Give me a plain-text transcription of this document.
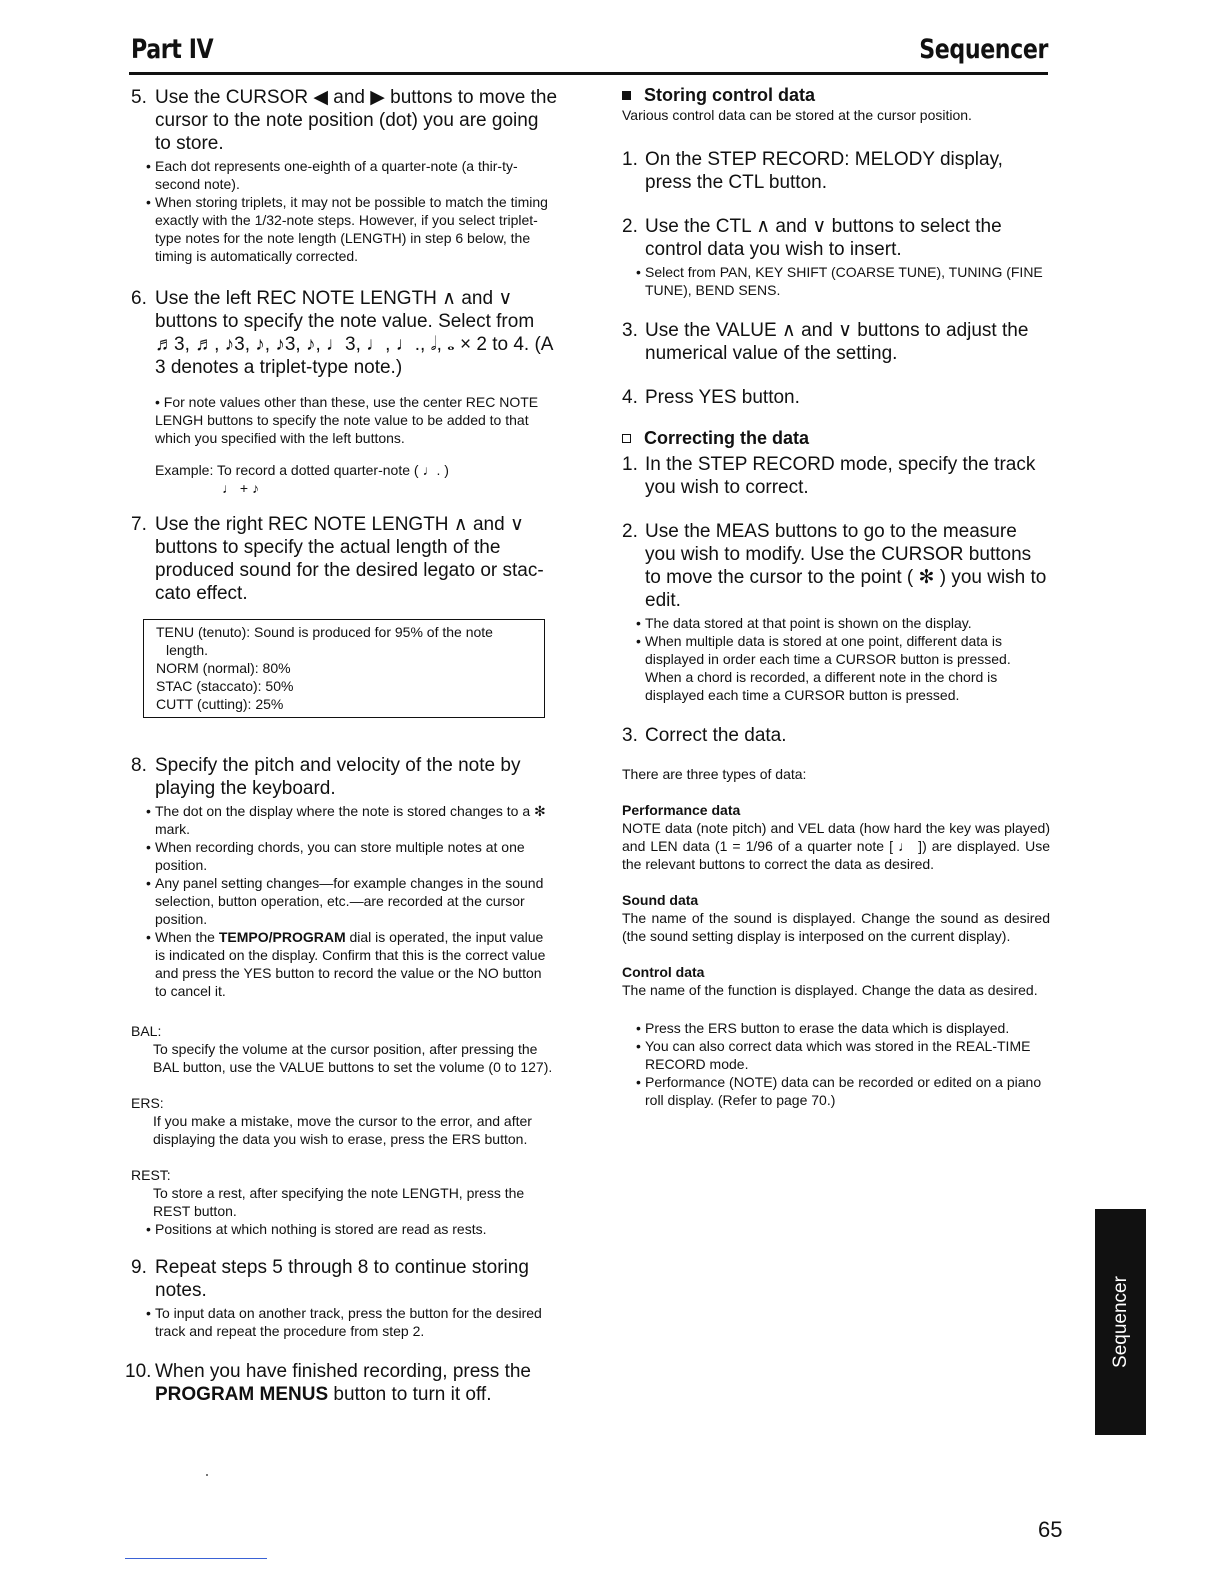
Part IV	Sequencer
5. Use the CURSOR ◀ and ▶ buttons to move the cursor to the note position (dot) you are going to store.
• Each dot represents one-eighth of a quarter-note (a thir-ty-second note).
• When storing triplets, it may not be possible to match the timing exactly with the 1/32-note steps. However, if you select triplet-type notes for the note length (LENGTH) in step 6 below, the timing is automatically corrected.
6. Use the left REC NOTE LENGTH ∧ and ∨ buttons to specify the note value. Select from ♬3, ♬, ♪3, ♪, ♪3, ♪, ♩3, ♩, ♩., 𝅗𝅥, 𝅝 × 2 to 4. (A 3 denotes a triplet-type note.)
• For note values other than these, use the center REC NOTE LENGH buttons to specify the note value to be added to that which you specified with the left buttons.
Example: To record a dotted quarter-note ( ♩. )
♩ + ♪
7. Use the right REC NOTE LENGTH ∧ and ∨ buttons to specify the actual length of the produced sound for the desired legato or stac-cato effect.
TENU (tenuto): Sound is produced for 95% of the note
length.
NORM (normal): 80%
STAC (staccato): 50%
CUTT (cutting): 25%
8. Specify the pitch and velocity of the note by playing the keyboard.
• The dot on the display where the note is stored changes to a ✻ mark.
• When recording chords, you can store multiple notes at one position.
• Any panel setting changes—for example changes in the sound selection, button operation, etc.—are recorded at the cursor position.
• When the TEMPO/PROGRAM dial is operated, the input value is indicated on the display. Confirm that this is the correct value and press the YES button to record the value or the NO button to cancel it.
BAL:
To specify the volume at the cursor position, after pressing the BAL button, use the VALUE buttons to set the volume (0 to 127).
ERS:
If you make a mistake, move the cursor to the error, and after displaying the data you wish to erase, press the ERS button.
REST:
To store a rest, after specifying the note LENGTH, press the REST button.
• Positions at which nothing is stored are read as rests.
9. Repeat steps 5 through 8 to continue storing notes.
• To input data on another track, press the button for the desired track and repeat the procedure from step 2.
10. When you have finished recording, press the PROGRAM MENUS button to turn it off.
Storing control data
Various control data can be stored at the cursor position.
1. On the STEP RECORD: MELODY display, press the CTL button.
2. Use the CTL ∧ and ∨ buttons to select the control data you wish to insert.
• Select from PAN, KEY SHIFT (COARSE TUNE), TUNING (FINE TUNE), BEND SENS.
3. Use the VALUE ∧ and ∨ buttons to adjust the numerical value of the setting.
4. Press YES button.
Correcting the data
1. In the STEP RECORD mode, specify the track you wish to correct.
2. Use the MEAS buttons to go to the measure you wish to modify. Use the CURSOR buttons to move the cursor to the point ( ✻ ) you wish to edit.
• The data stored at that point is shown on the display.
• When multiple data is stored at one point, different data is displayed in order each time a CURSOR button is pressed. When a chord is recorded, a different note in the chord is displayed each time a CURSOR button is pressed.
3. Correct the data.
There are three types of data:
Performance data
NOTE data (note pitch) and VEL data (how hard the key was played) and LEN data (1 = 1/96 of a quarter note [ ♩ ]) are displayed. Use the relevant buttons to correct the data as desired.
Sound data
The name of the sound is displayed. Change the sound as desired (the sound setting display is interposed on the current display).
Control data
The name of the function is displayed. Change the data as desired.
• Press the ERS button to erase the data which is displayed.
• You can also correct data which was stored in the REAL-TIME RECORD mode.
• Performance (NOTE) data can be recorded or edited on a piano roll display. (Refer to page 70.)
Sequencer
65
